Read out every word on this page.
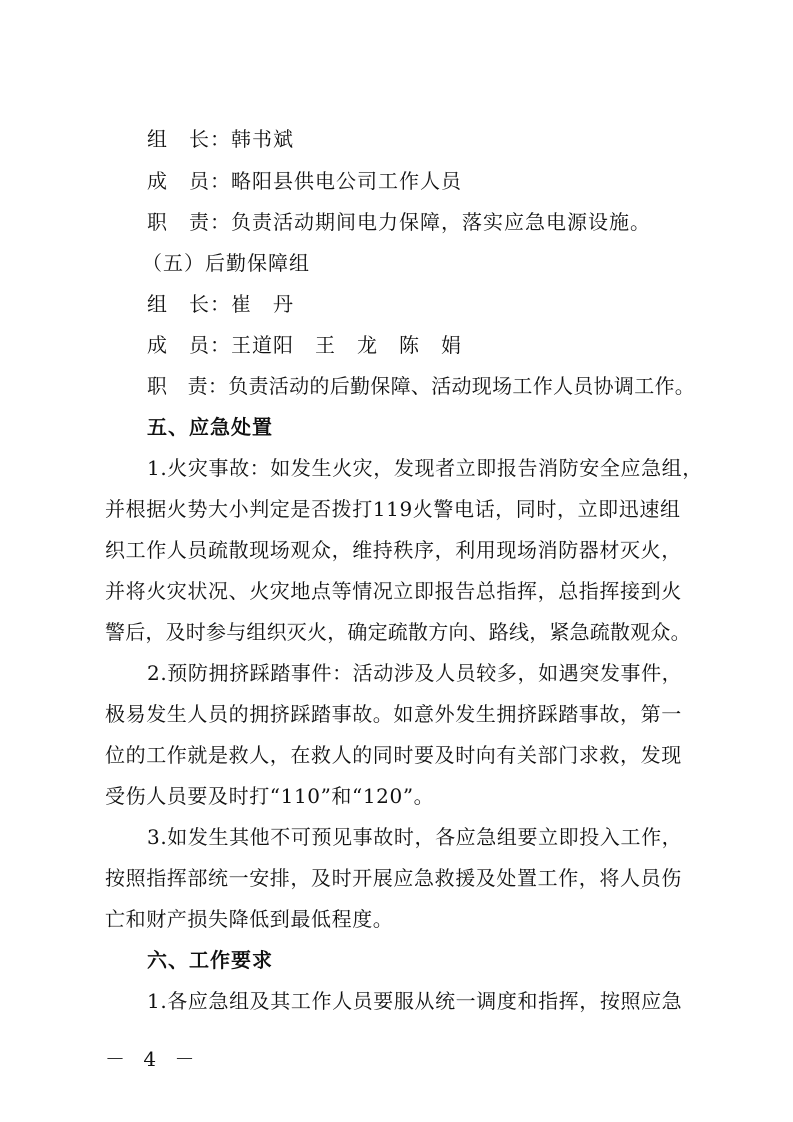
组　长：韩书斌
成　员：略阳县供电公司工作人员
职　责：负责活动期间电力保障，落实应急电源设施。
（五）后勤保障组
组　长：崔　丹
成　员：王道阳　王　龙　陈　娟
职　责：负责活动的后勤保障、活动现场工作人员协调工作。
五、应急处置
1.火灾事故：如发生火灾，发现者立即报告消防安全应急组，
并根据火势大小判定是否拨打119火警电话，同时，立即迅速组
织工作人员疏散现场观众，维持秩序，利用现场消防器材灭火，
并将火灾状况、火灾地点等情况立即报告总指挥，总指挥接到火
警后，及时参与组织灭火，确定疏散方向、路线，紧急疏散观众。
2.预防拥挤踩踏事件：活动涉及人员较多，如遇突发事件，
极易发生人员的拥挤踩踏事故。如意外发生拥挤踩踏事故，第一
位的工作就是救人，在救人的同时要及时向有关部门求救，发现
受伤人员要及时打“110”和“120”。
3.如发生其他不可预见事故时，各应急组要立即投入工作，
按照指挥部统一安排，及时开展应急救援及处置工作，将人员伤
亡和财产损失降低到最低程度。
六、工作要求
1.各应急组及其工作人员要服从统一调度和指挥，按照应急
－ 4 －
